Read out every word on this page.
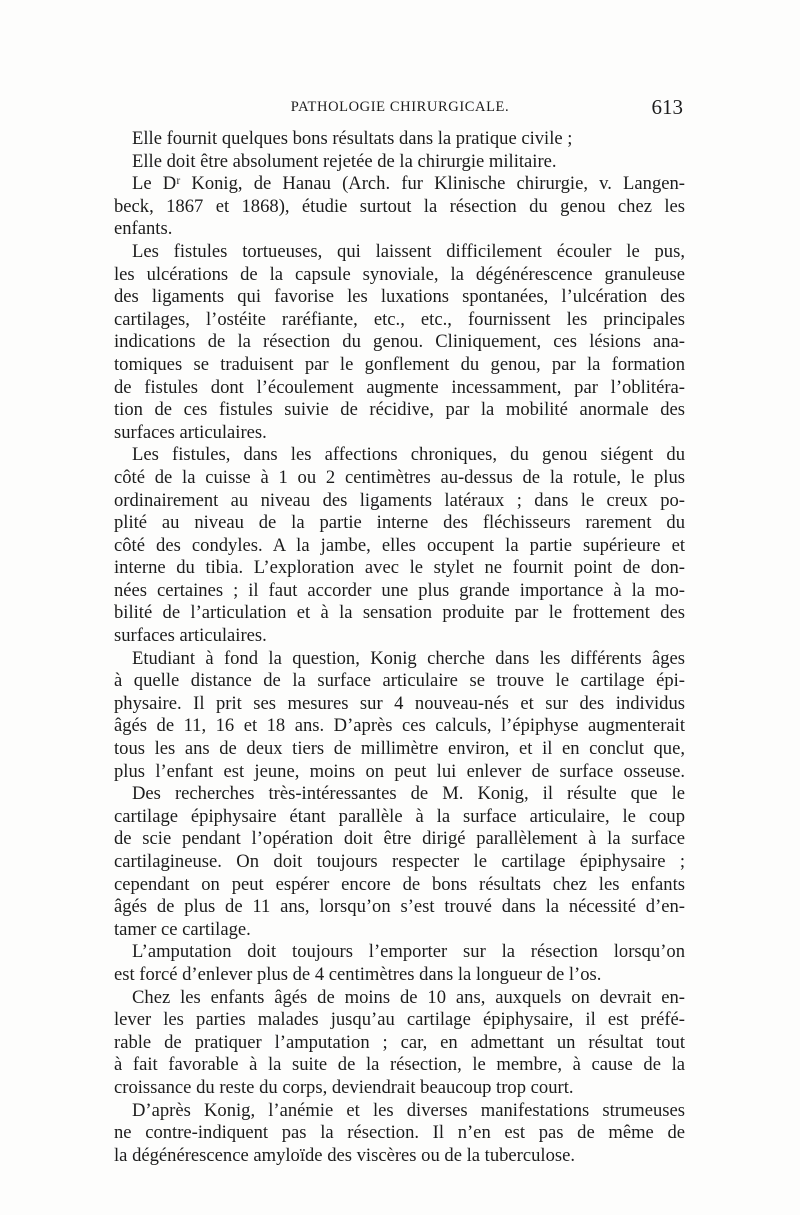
PATHOLOGIE CHIRURGICALE.	613
Elle fournit quelques bons résultats dans la pratique civile ;
Elle doit être absolument rejetée de la chirurgie militaire.
Le Dʳ Konig, de Hanau (Arch. fur Klinische chirurgie, v. Langen-
beck, 1867 et 1868), étudie surtout la résection du genou chez les
enfants.
Les fistules tortueuses, qui laissent difficilement écouler le pus,
les ulcérations de la capsule synoviale, la dégénérescence granuleuse
des ligaments qui favorise les luxations spontanées, l’ulcération des
cartilages, l’ostéite raréfiante, etc., etc., fournissent les principales
indications de la résection du genou. Cliniquement, ces lésions ana-
tomiques se traduisent par le gonflement du genou, par la formation
de fistules dont l’écoulement augmente incessamment, par l’oblitéra-
tion de ces fistules suivie de récidive, par la mobilité anormale des
surfaces articulaires.
Les fistules, dans les affections chroniques, du genou siégent du
côté de la cuisse à 1 ou 2 centimètres au-dessus de la rotule, le plus
ordinairement au niveau des ligaments latéraux ; dans le creux po-
plité au niveau de la partie interne des fléchisseurs rarement du
côté des condyles. A la jambe, elles occupent la partie supérieure et
interne du tibia. L’exploration avec le stylet ne fournit point de don-
nées certaines ; il faut accorder une plus grande importance à la mo-
bilité de l’articulation et à la sensation produite par le frottement des
surfaces articulaires.
Etudiant à fond la question, Konig cherche dans les différents âges
à quelle distance de la surface articulaire se trouve le cartilage épi-
physaire. Il prit ses mesures sur 4 nouveau-nés et sur des individus
âgés de 11, 16 et 18 ans. D’après ces calculs, l’épiphyse augmenterait
tous les ans de deux tiers de millimètre environ, et il en conclut que,
plus l’enfant est jeune, moins on peut lui enlever de surface osseuse.
Des recherches très-intéressantes de M. Konig, il résulte que le
cartilage épiphysaire étant parallèle à la surface articulaire, le coup
de scie pendant l’opération doit être dirigé parallèlement à la surface
cartilagineuse. On doit toujours respecter le cartilage épiphysaire ;
cependant on peut espérer encore de bons résultats chez les enfants
âgés de plus de 11 ans, lorsqu’on s’est trouvé dans la nécessité d’en-
tamer ce cartilage.
L’amputation doit toujours l’emporter sur la résection lorsqu’on
est forcé d’enlever plus de 4 centimètres dans la longueur de l’os.
Chez les enfants âgés de moins de 10 ans, auxquels on devrait en-
lever les parties malades jusqu’au cartilage épiphysaire, il est préfé-
rable de pratiquer l’amputation ; car, en admettant un résultat tout
à fait favorable à la suite de la résection, le membre, à cause de la
croissance du reste du corps, deviendrait beaucoup trop court.
D’après Konig, l’anémie et les diverses manifestations strumeuses
ne contre-indiquent pas la résection. Il n’en est pas de même de
la dégénérescence amyloïde des viscères ou de la tuberculose.
